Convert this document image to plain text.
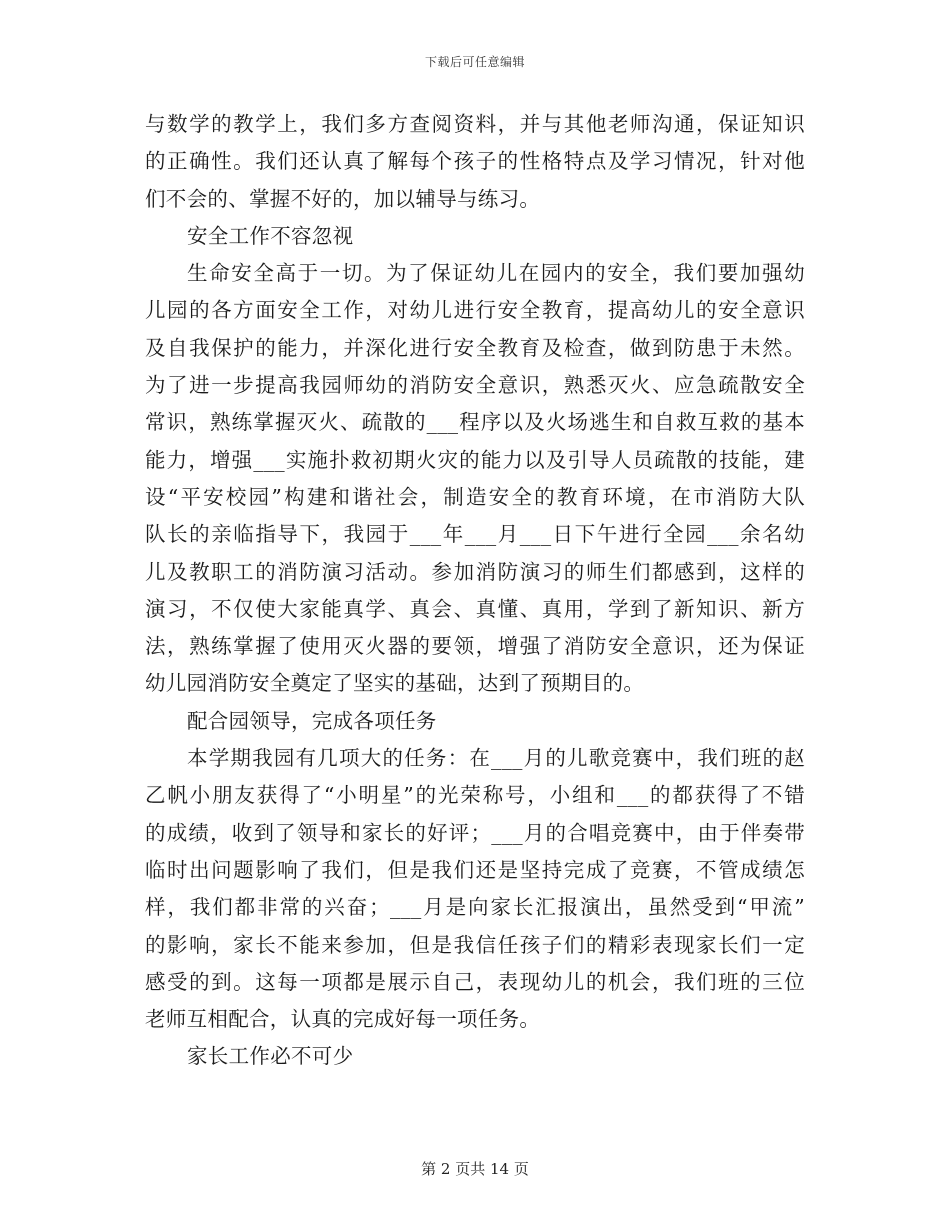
下载后可任意编辑
与数学的教学上，我们多方查阅资料，并与其他老师沟通，保证知识
的正确性。我们还认真了解每个孩子的性格特点及学习情况，针对他
们不会的、掌握不好的，加以辅导与练习。
安全工作不容忽视
生命安全高于一切。为了保证幼儿在园内的安全，我们要加强幼
儿园的各方面安全工作，对幼儿进行安全教育，提高幼儿的安全意识
及自我保护的能力，并深化进行安全教育及检查，做到防患于未然。
为了进一步提高我园师幼的消防安全意识，熟悉灭火、应急疏散安全
常识，熟练掌握灭火、疏散的___程序以及火场逃生和自救互救的基本
能力，增强___实施扑救初期火灾的能力以及引导人员疏散的技能，建
设“平安校园”构建和谐社会，制造安全的教育环境，在市消防大队
队长的亲临指导下，我园于___年___月___日下午进行全园___余名幼
儿及教职工的消防演习活动。参加消防演习的师生们都感到，这样的
演习，不仅使大家能真学、真会、真懂、真用，学到了新知识、新方
法，熟练掌握了使用灭火器的要领，增强了消防安全意识，还为保证
幼儿园消防安全奠定了坚实的基础，达到了预期目的。
配合园领导，完成各项任务
本学期我园有几项大的任务：在___月的儿歌竞赛中，我们班的赵
乙帆小朋友获得了“小明星”的光荣称号，小组和___的都获得了不错
的成绩，收到了领导和家长的好评；___月的合唱竞赛中，由于伴奏带
临时出问题影响了我们，但是我们还是坚持完成了竞赛，不管成绩怎
样，我们都非常的兴奋；___月是向家长汇报演出，虽然受到“甲流”
的影响，家长不能来参加，但是我信任孩子们的精彩表现家长们一定
感受的到。这每一项都是展示自己，表现幼儿的机会，我们班的三位
老师互相配合，认真的完成好每一项任务。
家长工作必不可少
第 2 页共 14 页
